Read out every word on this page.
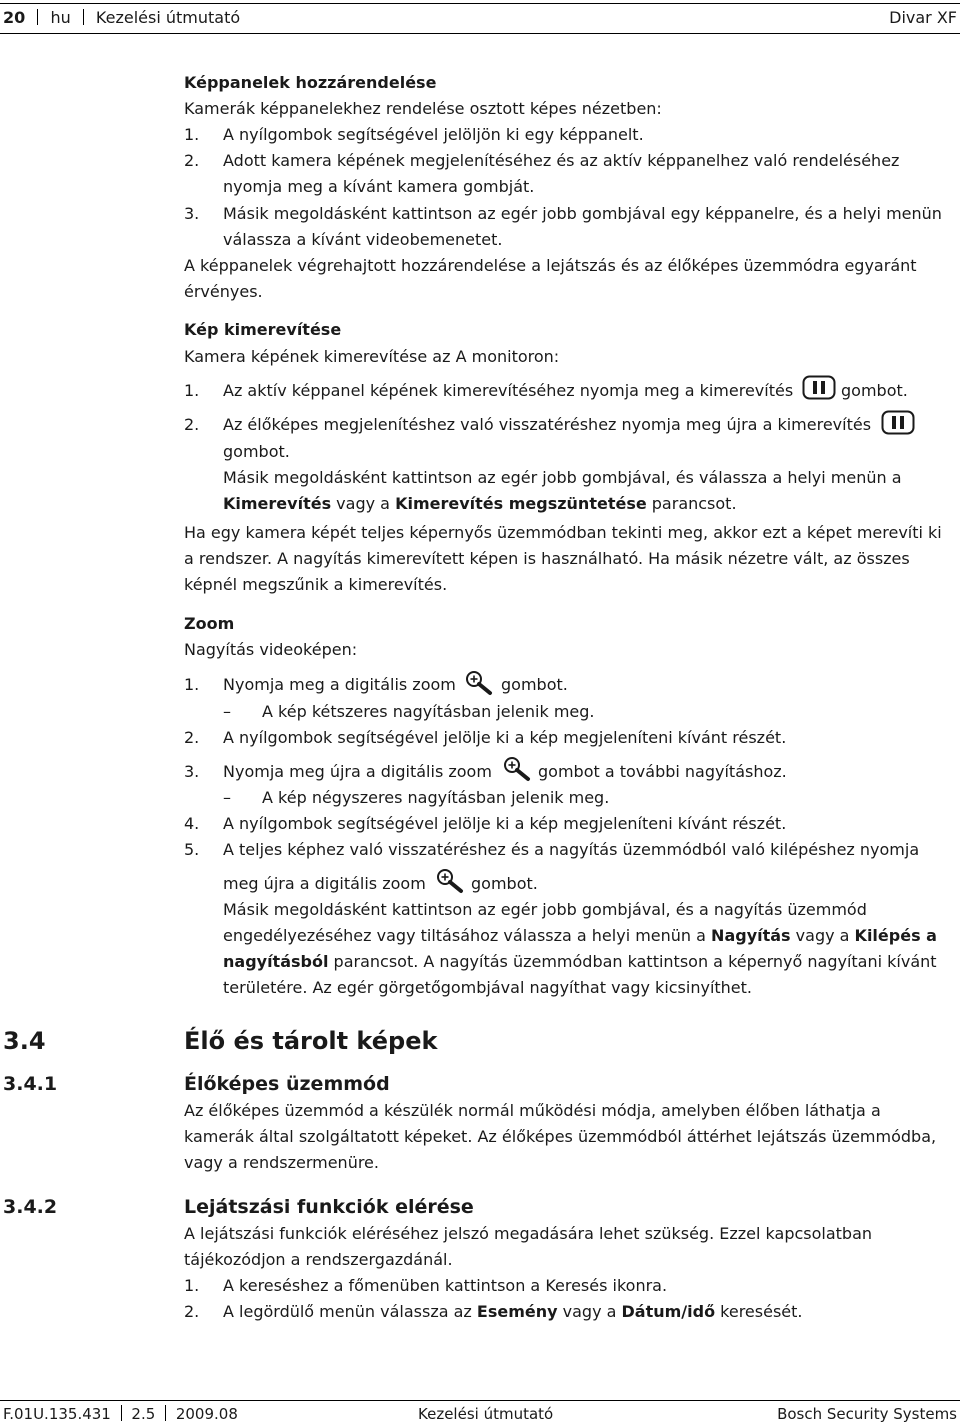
20 hu Kezelési útmutató	Divar XF
Képpanelek hozzárendelése
Kamerák képpanelekhez rendelése osztott képes nézetben:
1. A nyílgombok segítségével jelöljön ki egy képpanelt.
2. Adott kamera képének megjelenítéséhez és az aktív képpanelhez való rendeléséhez
nyomja meg a kívánt kamera gombját.
3. Másik megoldásként kattintson az egér jobb gombjával egy képpanelre, és a helyi menün
válassza a kívánt videobemenetet.
A képpanelek végrehajtott hozzárendelése a lejátszás és az élőképes üzemmódra egyaránt
érvényes.
Kép kimerevítése
Kamera képének kimerevítése az A monitoron:
1. Az aktív képpanel képének kimerevítéséhez nyomja meg a kimerevítés	gombot.
2. Az élőképes megjelenítéshez való visszatéréshez nyomja meg újra a kimerevítés
gombot.
Másik megoldásként kattintson az egér jobb gombjával, és válassza a helyi menün a
Kimerevítés vagy a Kimerevítés megszüntetése parancsot.
Ha egy kamera képét teljes képernyős üzemmódban tekinti meg, akkor ezt a képet merevíti ki
a rendszer. A nagyítás kimerevített képen is használható. Ha másik nézetre vált, az összes
képnél megszűnik a kimerevítés.
Zoom
Nagyítás videoképen:
1. Nyomja meg a digitális zoom	gombot.
– A kép kétszeres nagyításban jelenik meg.
2. A nyílgombok segítségével jelölje ki a kép megjeleníteni kívánt részét.
3. Nyomja meg újra a digitális zoom	gombot a további nagyításhoz.
– A kép négyszeres nagyításban jelenik meg.
4. A nyílgombok segítségével jelölje ki a kép megjeleníteni kívánt részét.
5. A teljes képhez való visszatéréshez és a nagyítás üzemmódból való kilépéshez nyomja
meg újra a digitális zoom	gombot.
Másik megoldásként kattintson az egér jobb gombjával, és a nagyítás üzemmód
engedélyezéséhez vagy tiltásához válassza a helyi menün a Nagyítás vagy a Kilépés a
nagyításból parancsot. A nagyítás üzemmódban kattintson a képernyő nagyítani kívánt
területére. Az egér görgetőgombjával nagyíthat vagy kicsinyíthet.
3.4	Élő és tárolt képek
3.4.1	Élőképes üzemmód
Az élőképes üzemmód a készülék normál működési módja, amelyben élőben láthatja a
kamerák által szolgáltatott képeket. Az élőképes üzemmódból áttérhet lejátszás üzemmódba,
vagy a rendszermenüre.
3.4.2	Lejátszási funkciók elérése
A lejátszási funkciók eléréséhez jelszó megadására lehet szükség. Ezzel kapcsolatban
tájékozódjon a rendszergazdánál.
1. A kereséshez a főmenüben kattintson a Keresés ikonra.
2. A legördülő menün válassza az Esemény vagy a Dátum/idő keresését.
F.01U.135.431 2.5 2009.08	Kezelési útmutató	Bosch Security Systems
